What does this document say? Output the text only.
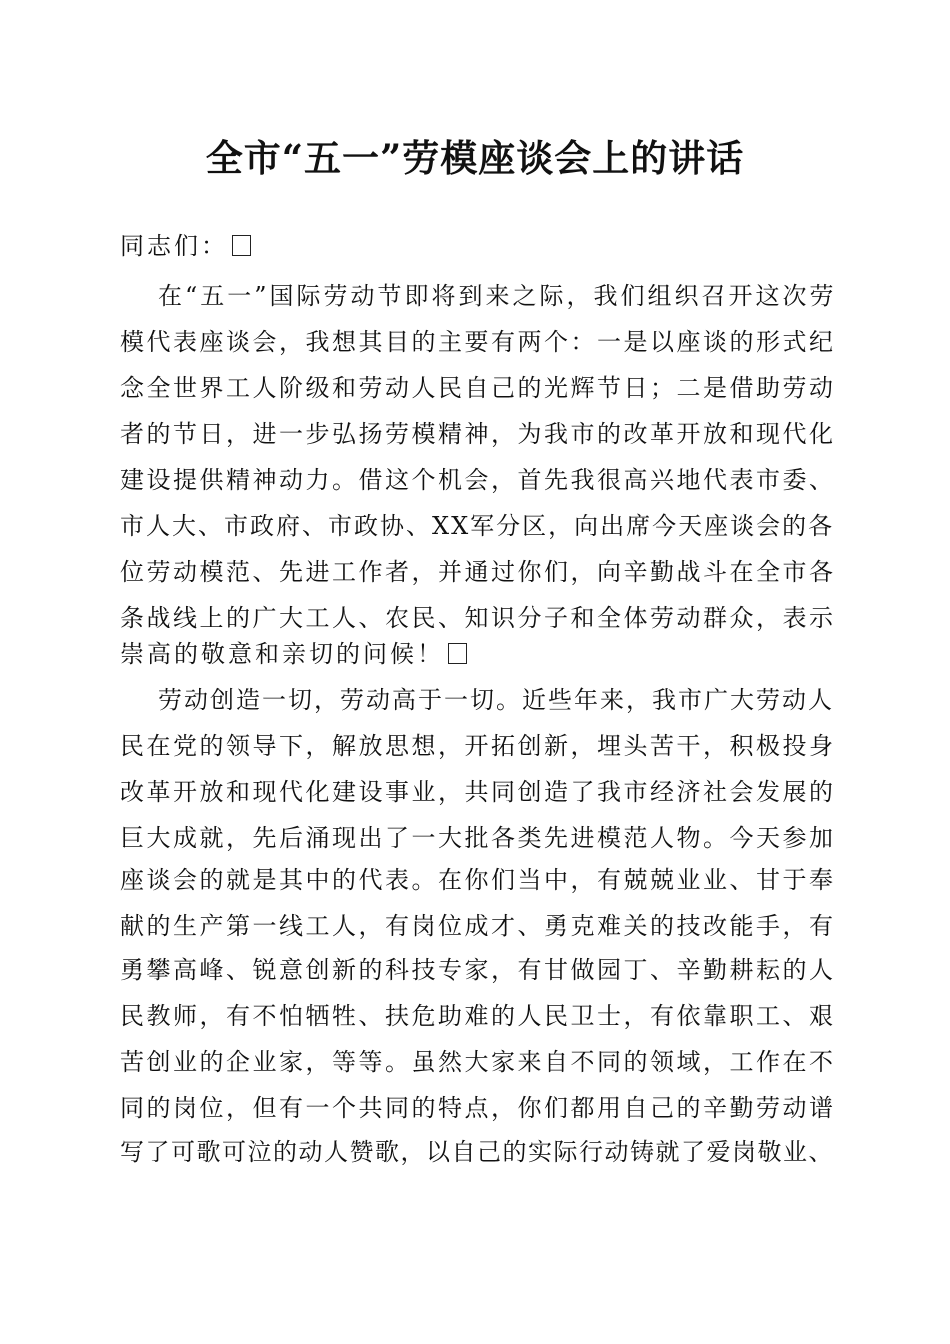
全市“五一”劳模座谈会上的讲话
同志们：
在“五一”国际劳动节即将到来之际，我们组织召开这次劳
模代表座谈会，我想其目的主要有两个：一是以座谈的形式纪
念全世界工人阶级和劳动人民自己的光辉节日；二是借助劳动
者的节日，进一步弘扬劳模精神，为我市的改革开放和现代化
建设提供精神动力。借这个机会，首先我很高兴地代表市委、
市人大、市政府、市政协、XX军分区，向出席今天座谈会的各
位劳动模范、先进工作者，并通过你们，向辛勤战斗在全市各
条战线上的广大工人、农民、知识分子和全体劳动群众，表示
崇高的敬意和亲切的问候！
劳动创造一切，劳动高于一切。近些年来，我市广大劳动人
民在党的领导下，解放思想，开拓创新，埋头苦干，积极投身
改革开放和现代化建设事业，共同创造了我市经济社会发展的
巨大成就，先后涌现出了一大批各类先进模范人物。今天参加
座谈会的就是其中的代表。在你们当中，有兢兢业业、甘于奉
献的生产第一线工人，有岗位成才、勇克难关的技改能手，有
勇攀高峰、锐意创新的科技专家，有甘做园丁、辛勤耕耘的人
民教师，有不怕牺牲、扶危助难的人民卫士，有依靠职工、艰
苦创业的企业家，等等。虽然大家来自不同的领域，工作在不
同的岗位，但有一个共同的特点，你们都用自己的辛勤劳动谱
写了可歌可泣的动人赞歌，以自己的实际行动铸就了爱岗敬业、
